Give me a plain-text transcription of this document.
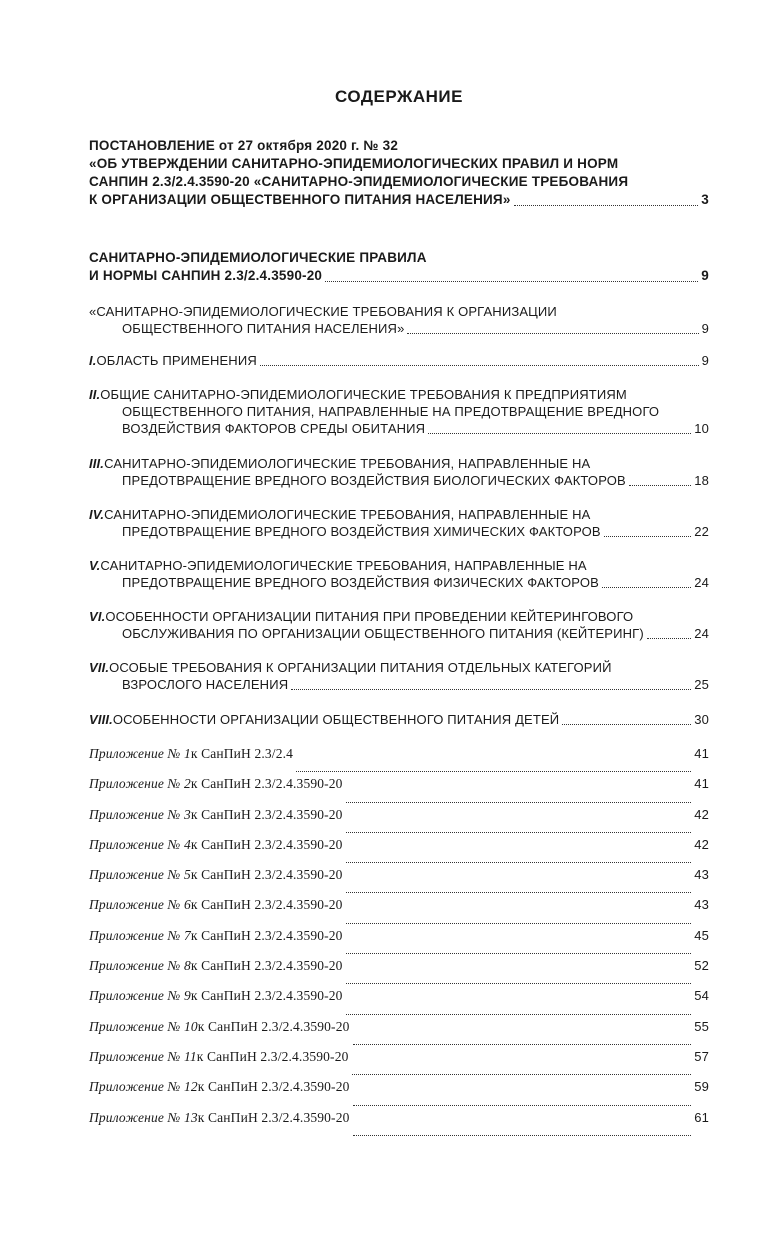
СОДЕРЖАНИЕ
ПОСТАНОВЛЕНИЕ от 27 октября 2020 г. № 32
«ОБ УТВЕРЖДЕНИИ САНИТАРНО-ЭПИДЕМИОЛОГИЧЕСКИХ ПРАВИЛ И НОРМ
САНПИН 2.3/2.4.3590-20 «САНИТАРНО-ЭПИДЕМИОЛОГИЧЕСКИЕ ТРЕБОВАНИЯ
К ОРГАНИЗАЦИИ ОБЩЕСТВЕННОГО ПИТАНИЯ НАСЕЛЕНИЯ»	3
САНИТАРНО-ЭПИДЕМИОЛОГИЧЕСКИЕ ПРАВИЛА
И НОРМЫ САНПИН 2.3/2.4.3590-20	9
«САНИТАРНО-ЭПИДЕМИОЛОГИЧЕСКИЕ ТРЕБОВАНИЯ К ОРГАНИЗАЦИИ
ОБЩЕСТВЕННОГО ПИТАНИЯ НАСЕЛЕНИЯ»	9
I. ОБЛАСТЬ ПРИМЕНЕНИЯ	9
II. ОБЩИЕ САНИТАРНО-ЭПИДЕМИОЛОГИЧЕСКИЕ ТРЕБОВАНИЯ К ПРЕДПРИЯТИЯМ
ОБЩЕСТВЕННОГО ПИТАНИЯ, НАПРАВЛЕННЫЕ НА ПРЕДОТВРАЩЕНИЕ ВРЕДНОГО
ВОЗДЕЙСТВИЯ ФАКТОРОВ СРЕДЫ ОБИТАНИЯ	10
III. САНИТАРНО-ЭПИДЕМИОЛОГИЧЕСКИЕ ТРЕБОВАНИЯ, НАПРАВЛЕННЫЕ НА
ПРЕДОТВРАЩЕНИЕ ВРЕДНОГО ВОЗДЕЙСТВИЯ БИОЛОГИЧЕСКИХ ФАКТОРОВ	18
IV. САНИТАРНО-ЭПИДЕМИОЛОГИЧЕСКИЕ ТРЕБОВАНИЯ, НАПРАВЛЕННЫЕ НА
ПРЕДОТВРАЩЕНИЕ ВРЕДНОГО ВОЗДЕЙСТВИЯ ХИМИЧЕСКИХ ФАКТОРОВ	22
V. САНИТАРНО-ЭПИДЕМИОЛОГИЧЕСКИЕ ТРЕБОВАНИЯ, НАПРАВЛЕННЫЕ НА
ПРЕДОТВРАЩЕНИЕ ВРЕДНОГО ВОЗДЕЙСТВИЯ ФИЗИЧЕСКИХ ФАКТОРОВ	24
VI. ОСОБЕННОСТИ ОРГАНИЗАЦИИ ПИТАНИЯ ПРИ ПРОВЕДЕНИИ КЕЙТЕРИНГОВОГО
ОБСЛУЖИВАНИЯ ПО ОРГАНИЗАЦИИ ОБЩЕСТВЕННОГО ПИТАНИЯ (КЕЙТЕРИНГ)	24
VII. ОСОБЫЕ ТРЕБОВАНИЯ К ОРГАНИЗАЦИИ ПИТАНИЯ ОТДЕЛЬНЫХ КАТЕГОРИЙ
ВЗРОСЛОГО НАСЕЛЕНИЯ	25
VIII. ОСОБЕННОСТИ ОРГАНИЗАЦИИ ОБЩЕСТВЕННОГО ПИТАНИЯ ДЕТЕЙ	30
Приложение № 1 к СанПиН 2.3/2.4	41
Приложение № 2 к СанПиН 2.3/2.4.3590-20	41
Приложение № 3 к СанПиН 2.3/2.4.3590-20	42
Приложение № 4 к СанПиН 2.3/2.4.3590-20	42
Приложение № 5 к СанПиН 2.3/2.4.3590-20	43
Приложение № 6 к СанПиН 2.3/2.4.3590-20	43
Приложение № 7 к СанПиН 2.3/2.4.3590-20	45
Приложение № 8 к СанПиН 2.3/2.4.3590-20	52
Приложение № 9 к СанПиН 2.3/2.4.3590-20	54
Приложение № 10 к СанПиН 2.3/2.4.3590-20	55
Приложение № 11 к СанПиН 2.3/2.4.3590-20	57
Приложение № 12 к СанПиН 2.3/2.4.3590-20	59
Приложение № 13 к СанПиН 2.3/2.4.3590-20	61
